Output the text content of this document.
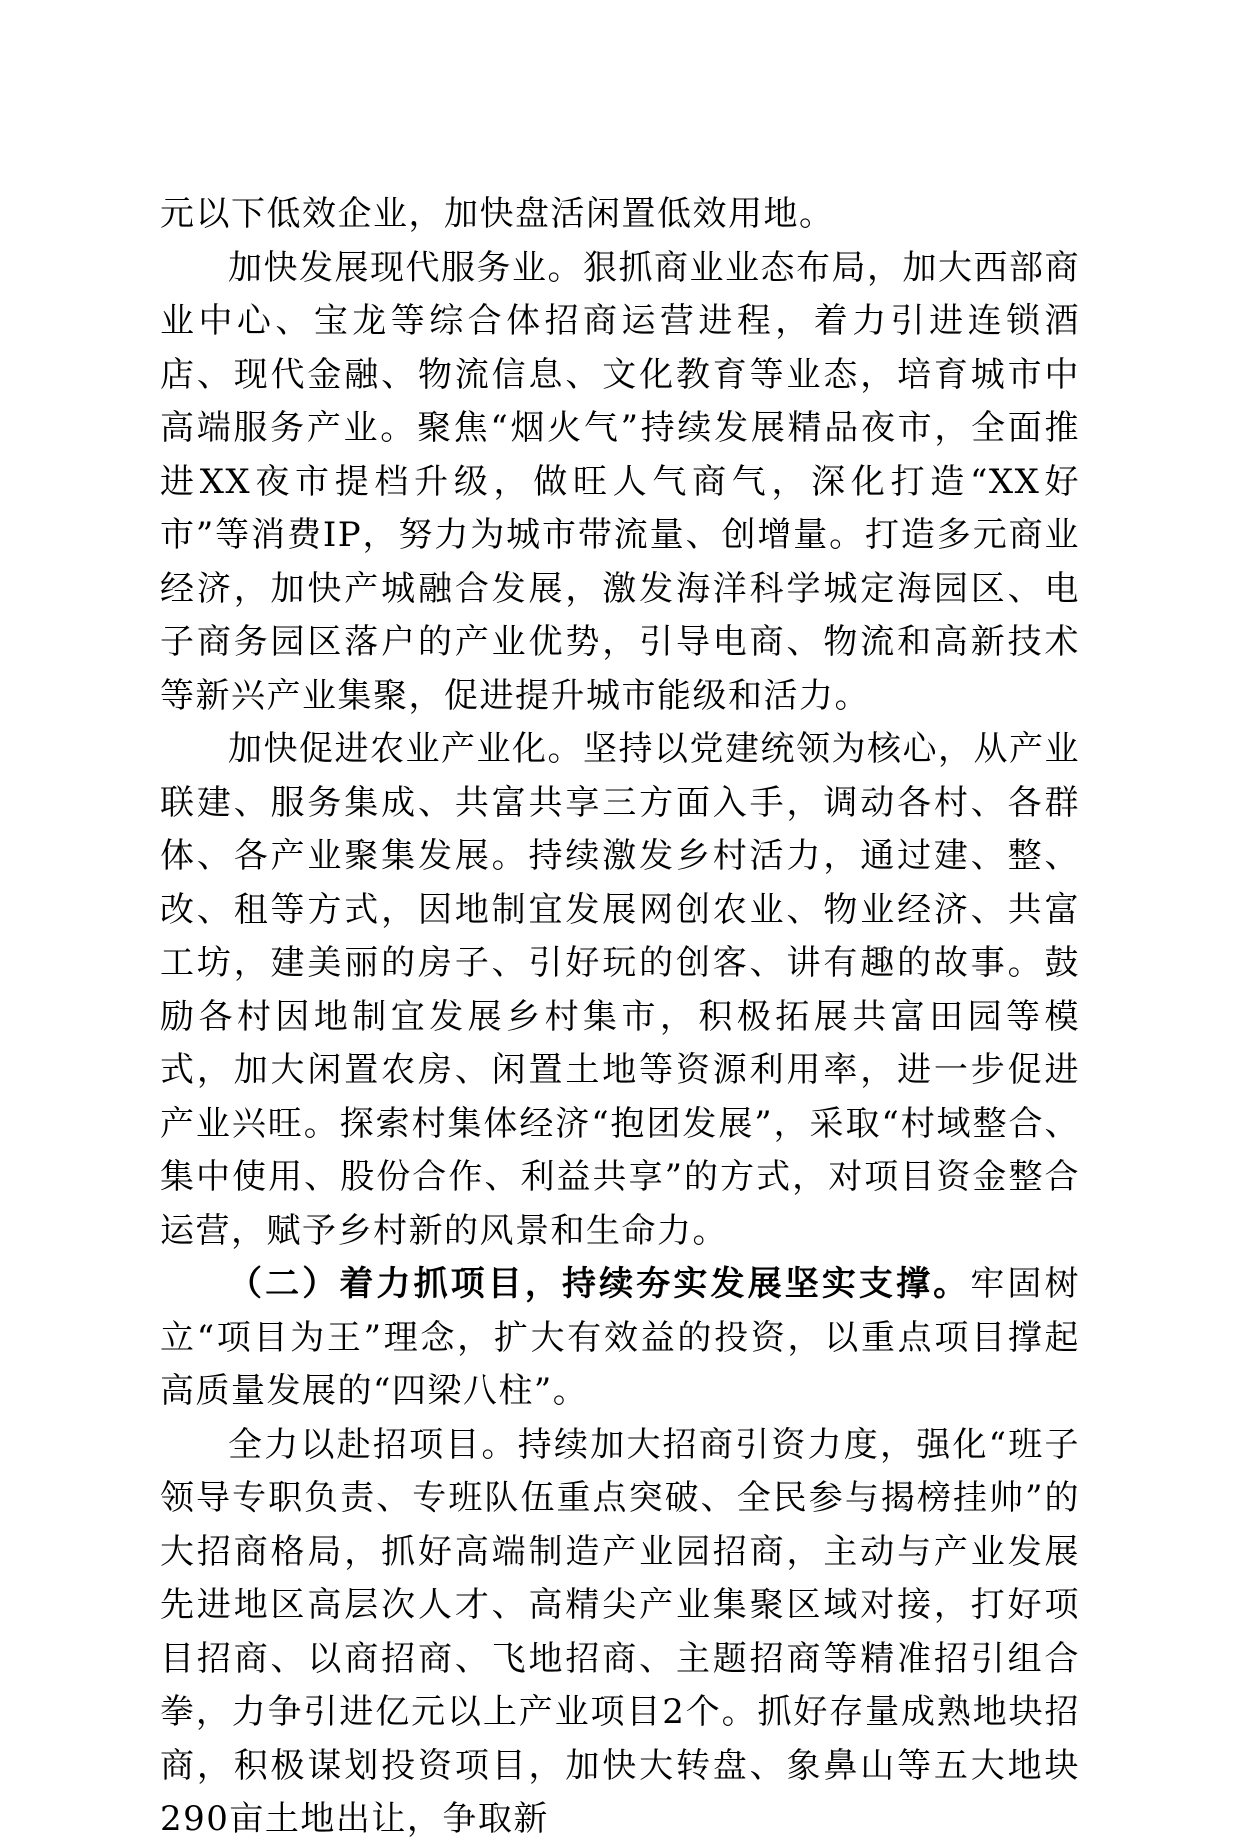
元以下低效企业，加快盘活闲置低效用地。

加快发展现代服务业。狠抓商业业态布局，加大西部商业中心、宝龙等综合体招商运营进程，着力引进连锁酒店、现代金融、物流信息、文化教育等业态，培育城市中高端服务产业。聚焦“烟火气”持续发展精品夜市，全面推进XX夜市提档升级，做旺人气商气，深化打造“XX好市”等消费IP，努力为城市带流量、创增量。打造多元商业经济，加快产城融合发展，激发海洋科学城定海园区、电子商务园区落户的产业优势，引导电商、物流和高新技术等新兴产业集聚，促进提升城市能级和活力。

加快促进农业产业化。坚持以党建统领为核心，从产业联建、服务集成、共富共享三方面入手，调动各村、各群体、各产业聚集发展。持续激发乡村活力，通过建、整、改、租等方式，因地制宜发展网创农业、物业经济、共富工坊，建美丽的房子、引好玩的创客、讲有趣的故事。鼓励各村因地制宜发展乡村集市，积极拓展共富田园等模式，加大闲置农房、闲置土地等资源利用率，进一步促进产业兴旺。探索村集体经济“抱团发展”，采取“村域整合、集中使用、股份合作、利益共享”的方式，对项目资金整合运营，赋予乡村新的风景和生命力。

（二）着力抓项目，持续夯实发展坚实支撑。牢固树立“项目为王”理念，扩大有效益的投资，以重点项目撑起高质量发展的“四梁八柱”。

全力以赴招项目。持续加大招商引资力度，强化“班子领导专职负责、专班队伍重点突破、全民参与揭榜挂帅”的大招商格局，抓好高端制造产业园招商，主动与产业发展先进地区高层次人才、高精尖产业集聚区域对接，打好项目招商、以商招商、飞地招商、主题招商等精准招引组合拳，力争引进亿元以上产业项目2个。抓好存量成熟地块招商，积极谋划投资项目，加快大转盘、象鼻山等五大地块290亩土地出让，争取新
